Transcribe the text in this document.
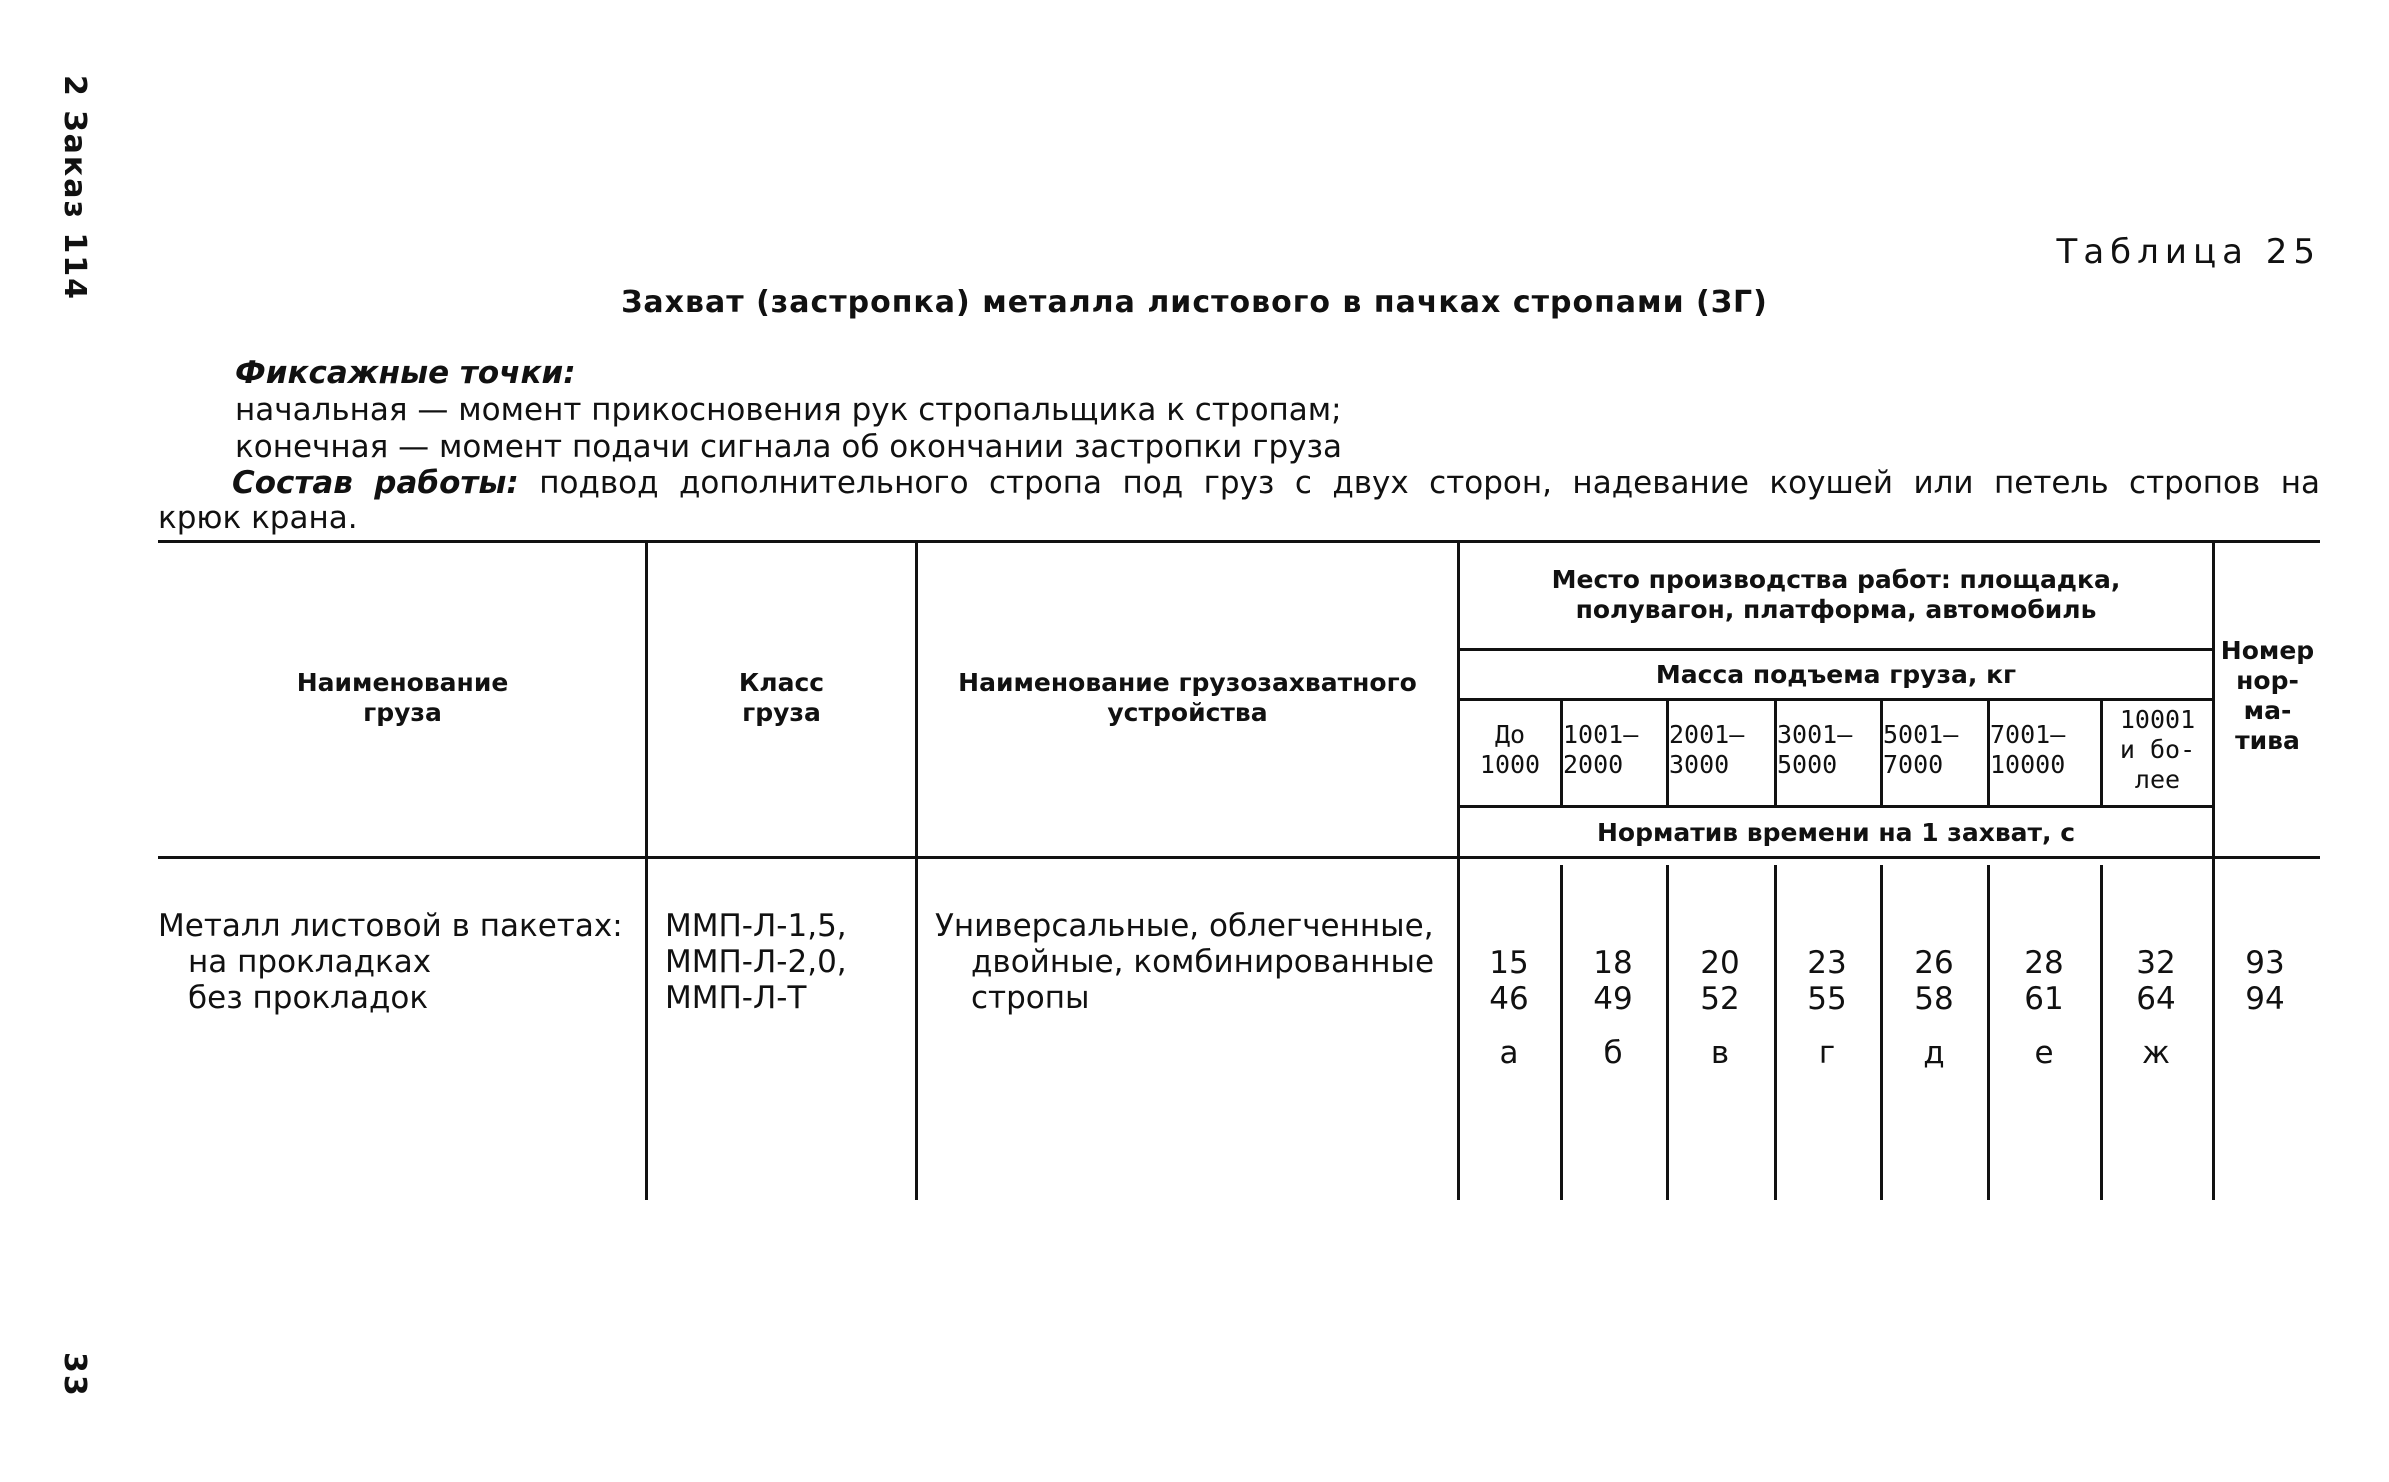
2 Заказ 114
33
Таблица 25
Захват (застропка) металла листового в пачках стропами (ЗГ)
Фиксажные точки:
начальная — момент прикосновения рук стропальщика к стропам;
конечная — момент подачи сигнала об окончании застропки груза
Состав работы: подвод дополнительного стропа под груз с двух сторон, надевание коушей или петель стропов на
крюк крана.
Наименование
груза
Класс
груза
Наименование грузозахватного
устройства
Место производства работ: площадка,
полувагон, платформа, автомобиль
Масса подъема груза, кг
Норматив времени на 1 захват, с
Номер
нор-
ма-
тива
До
1000
1001—
2000
2001—
3000
3001—
5000
5001—
7000
7001—
10000
10001
и бо-
лее
Металл листовой в пакетах:
на прокладках
без прокладок
ММП-Л-1,5,
ММП-Л-2,0,
ММП-Л-Т
Универсальные, облегченные,
двойные, комбинированные
стропы
15
46
а
18
49
б
20
52
в
23
55
г
26
58
д
28
61
е
32
64
ж
93
94
